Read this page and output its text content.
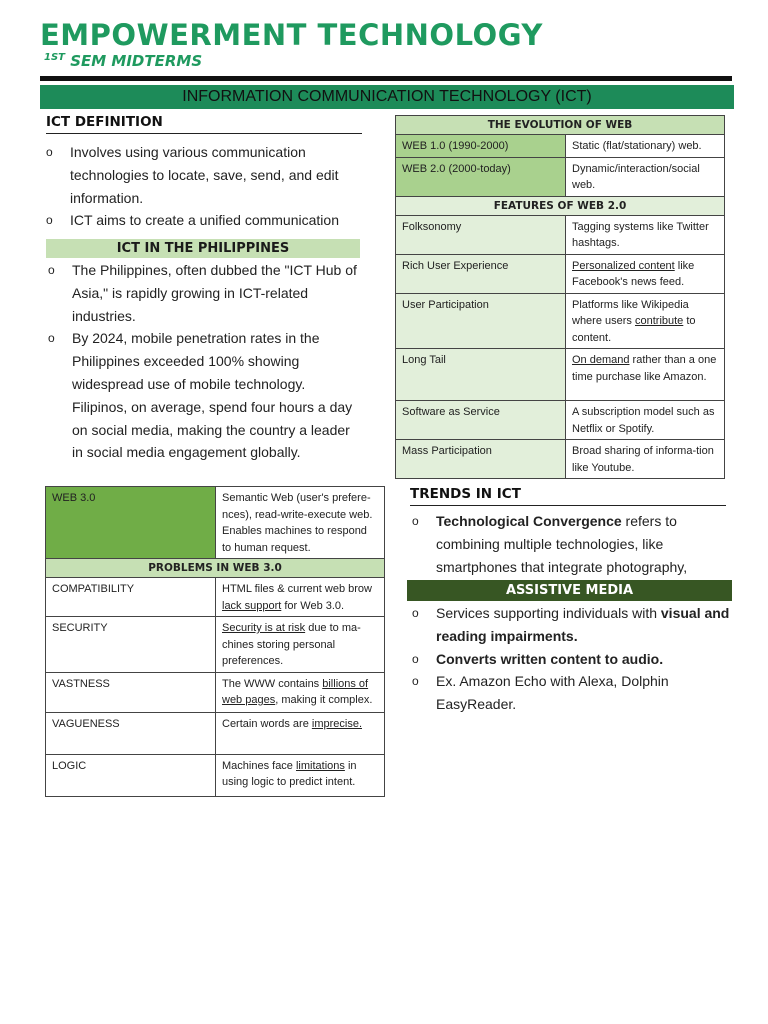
EMPOWERMENT TECHNOLOGY
$^{1ST}$ SEM MIDTERMS
INFORMATION COMMUNICATION TECHNOLOGY (ICT)
ICT DEFINITION
o Involves using various communication technologies to locate, save, send, and edit information.
o ICT aims to create a unified communication
ICT IN THE PHILIPPINES
o The Philippines, often dubbed the "ICT Hub of Asia," is rapidly growing in ICT-related industries.
o By 2024, mobile penetration rates in the Philippines exceeded 100% showing widespread use of mobile technology. Filipinos, on average, spend four hours a day on social media, making the country a leader in social media engagement globally.
THE EVOLUTION OF WEB	
WEB 1.0 (1990-2000)	Static (flat/stationary) web.
WEB 2.0 (2000-today)	Dynamic/interaction/social web.
FEATURES OF WEB 2.0	
Folksonomy	Tagging systems like Twitter hashtags.
Rich User Experience	Personalized content like Facebook's news feed.
User Participation	Platforms like Wikipedia where users contribute to content.
Long Tail	On demand rather than a one time purchase like Amazon.
Software as Service	A subscription model such as Netflix or Spotify.
Mass Participation	Broad sharing of informa-tion like Youtube.
WEB 3.0	Semantic Web (user's prefere-nces), read-write-execute web. Enables machines to respond to human request.
PROBLEMS IN WEB 3.0	
COMPATIBILITY	HTML files & current web brow lack support for Web 3.0.
SECURITY	Security is at risk due to ma-chines storing personal preferences.
VASTNESS	The WWW contains billions of web pages, making it complex.
VAGUENESS	Certain words are imprecise.
LOGIC	Machines face limitations in using logic to predict intent.
TRENDS IN ICT
o Technological Convergence refers to combining multiple technologies, like smartphones that integrate photography,
ASSISTIVE MEDIA
o Services supporting individuals with visual and reading impairments.
o Converts written content to audio.
o Ex. Amazon Echo with Alexa, Dolphin EasyReader.
